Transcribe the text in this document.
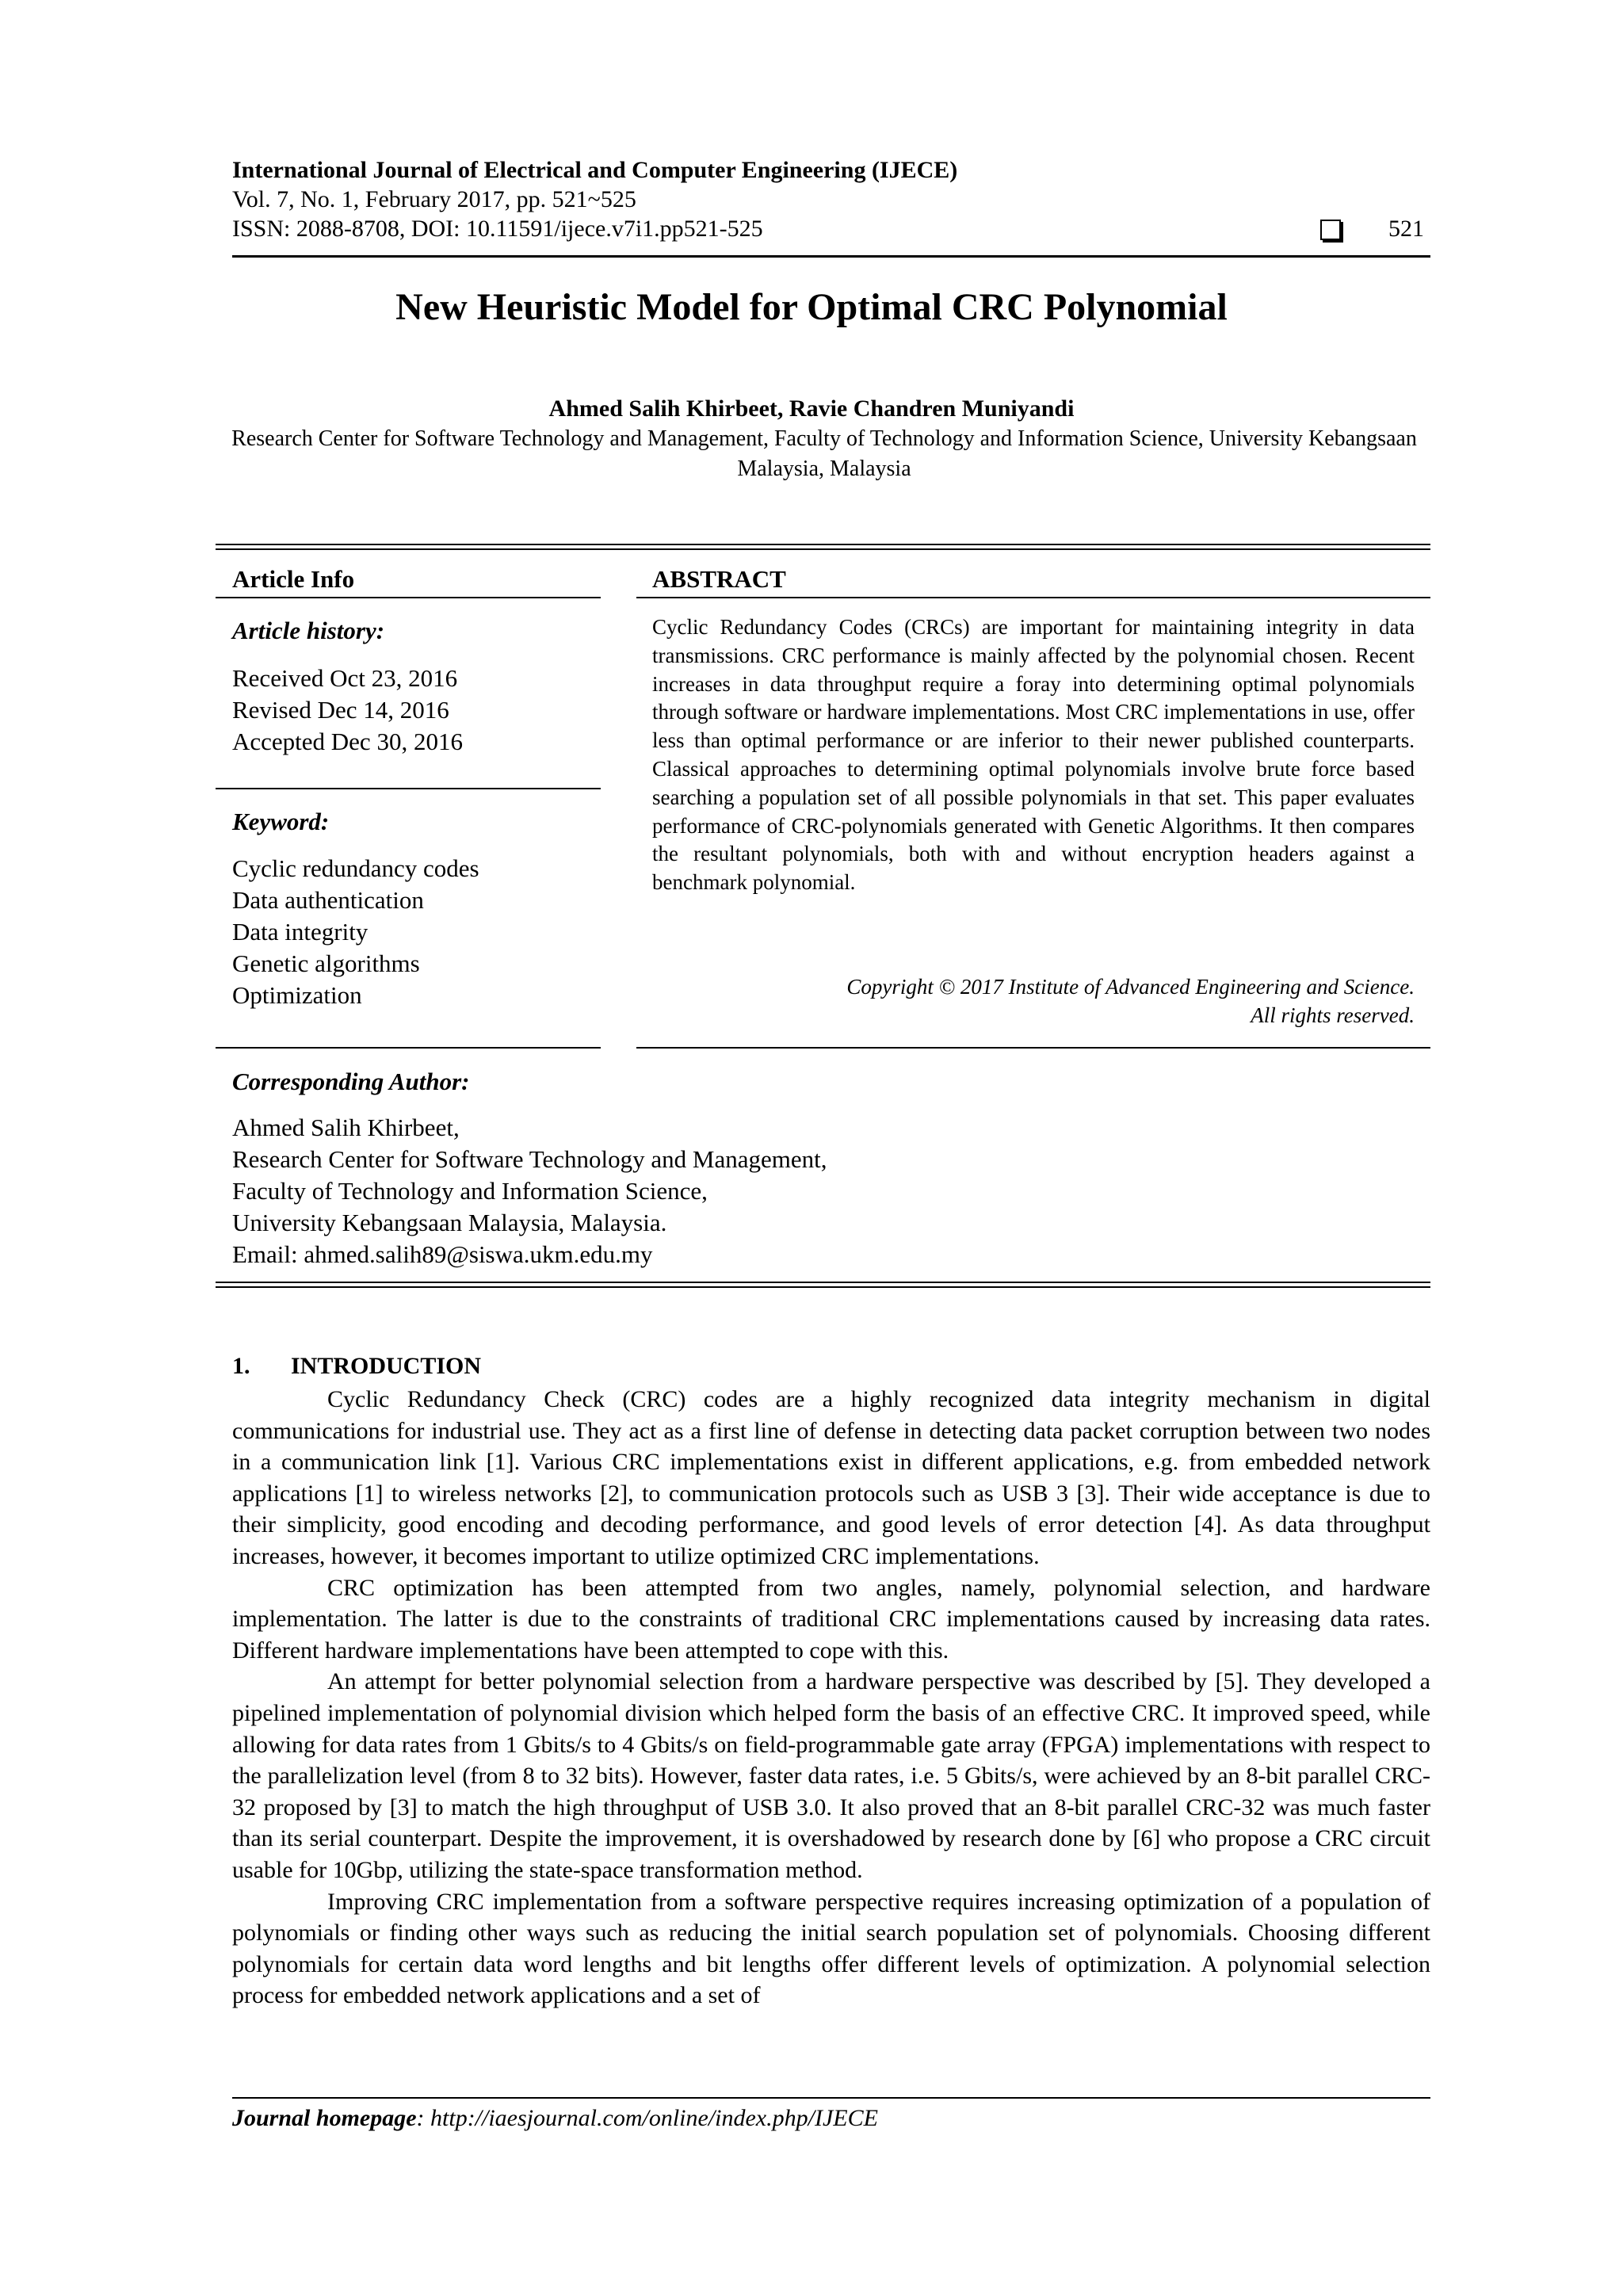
International Journal of Electrical and Computer Engineering (IJECE)
Vol. 7, No. 1, February 2017, pp. 521~525
ISSN: 2088-8708, DOI: 10.11591/ijece.v7i1.pp521-525	521
New Heuristic Model for Optimal CRC Polynomial
Ahmed Salih Khirbeet, Ravie Chandren Muniyandi
Research Center for Software Technology and Management, Faculty of Technology and Information Science, University Kebangsaan Malaysia, Malaysia
Article Info
Article history:
Received Oct 23, 2016
Revised Dec 14, 2016
Accepted Dec 30, 2016
Keyword:
Cyclic redundancy codes
Data authentication
Data integrity
Genetic algorithms
Optimization
ABSTRACT
Cyclic Redundancy Codes (CRCs) are important for maintaining integrity in data transmissions. CRC performance is mainly affected by the polynomial chosen. Recent increases in data throughput require a foray into determining optimal polynomials through software or hardware implementations. Most CRC implementations in use, offer less than optimal performance or are inferior to their newer published counterparts. Classical approaches to determining optimal polynomials involve brute force based searching a population set of all possible polynomials in that set. This paper evaluates performance of CRC-polynomials generated with Genetic Algorithms. It then compares the resultant polynomials, both with and without encryption headers against a benchmark polynomial.
Copyright © 2017 Institute of Advanced Engineering and Science.
All rights reserved.
Corresponding Author:
Ahmed Salih Khirbeet,
Research Center for Software Technology and Management,
Faculty of Technology and Information Science,
University Kebangsaan Malaysia, Malaysia.
Email: ahmed.salih89@siswa.ukm.edu.my
1. INTRODUCTION

Cyclic Redundancy Check (CRC) codes are a highly recognized data integrity mechanism in digital communications for industrial use. They act as a first line of defense in detecting data packet corruption between two nodes in a communication link [1]. Various CRC implementations exist in different applications, e.g. from embedded network applications [1] to wireless networks [2], to communication protocols such as USB 3 [3]. Their wide acceptance is due to their simplicity, good encoding and decoding performance, and good levels of error detection [4]. As data throughput increases, however, it becomes important to utilize optimized CRC implementations.

CRC optimization has been attempted from two angles, namely, polynomial selection, and hardware implementation. The latter is due to the constraints of traditional CRC implementations caused by increasing data rates. Different hardware implementations have been attempted to cope with this.

An attempt for better polynomial selection from a hardware perspective was described by [5]. They developed a pipelined implementation of polynomial division which helped form the basis of an effective CRC. It improved speed, while allowing for data rates from 1 Gbits/s to 4 Gbits/s on field-programmable gate array (FPGA) implementations with respect to the parallelization level (from 8 to 32 bits). However, faster data rates, i.e. 5 Gbits/s, were achieved by an 8-bit parallel CRC-32 proposed by [3] to match the high throughput of USB 3.0. It also proved that an 8-bit parallel CRC-32 was much faster than its serial counterpart. Despite the improvement, it is overshadowed by research done by [6] who propose a CRC circuit usable for 10Gbp, utilizing the state-space transformation method.

Improving CRC implementation from a software perspective requires increasing optimization of a population of polynomials or finding other ways such as reducing the initial search population set of polynomials. Choosing different polynomials for certain data word lengths and bit lengths offer different levels of optimization. A polynomial selection process for embedded network applications and a set of

Journal homepage: http://iaesjournal.com/online/index.php/IJECE
